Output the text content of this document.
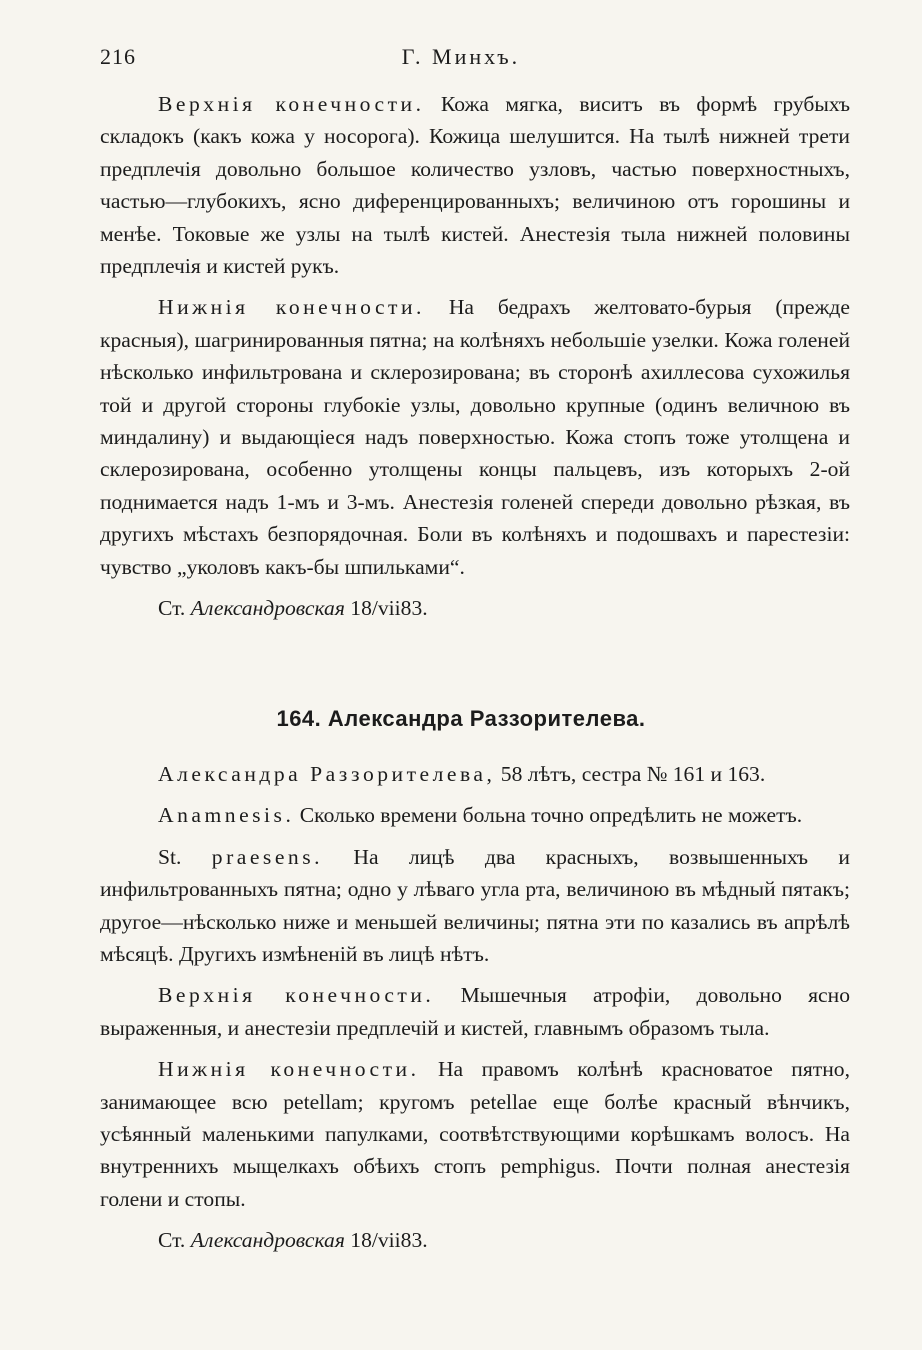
216	Г. Минхъ.

Верхнія конечности. Кожа мягка, виситъ въ формѣ грубыхъ складокъ (какъ кожа у носорога). Кожица шелушится. На тылѣ нижней трети предплечія довольно большое количество узловъ, частью поверхностныхъ, частью—глубокихъ, ясно диференцированныхъ; величиною отъ горошины и менѣе. Токовые же узлы на тылѣ кистей. Анестезія тыла нижней половины предплечія и кистей рукъ.

Нижнія конечности. На бедрахъ желтовато-бурыя (прежде красныя), шагринированныя пятна; на колѣняхъ небольшіе узелки. Кожа голеней нѣсколько инфильтрована и склерозирована; въ сторонѣ ахиллесова сухожилья той и другой стороны глубокіе узлы, довольно крупные (одинъ величною въ миндалину) и выдающіеся надъ поверхностью. Кожа стопъ тоже утолщена и склерозирована, особенно утолщены концы пальцевъ, изъ которыхъ 2-ой поднимается надъ 1-мъ и 3-мъ. Анестезія голеней спереди довольно рѣзкая, въ другихъ мѣстахъ безпорядочная. Боли въ колѣняхъ и подошвахъ и парестезіи: чувство „уколовъ какъ-бы шпильками“.

Ст. Александровская 18/vii83.

164. Александра Раззорителева.

Александра Раззорителева, 58 лѣтъ, сестра № 161 и 163.

Anamnesis. Сколько времени больна точно опредѣлить не можетъ.

St. praesens. На лицѣ два красныхъ, возвышенныхъ и инфильтрованныхъ пятна; одно у лѣваго угла рта, величиною въ мѣдный пятакъ; другое—нѣсколько ниже и меньшей величины; пятна эти по казались въ апрѣлѣ мѣсяцѣ. Другихъ измѣненій въ лицѣ нѣтъ.

Верхнія конечности. Мышечныя атрофіи, довольно ясно выраженныя, и анестезіи предплечій и кистей, главнымъ образомъ тыла.

Нижнія конечности. На правомъ колѣнѣ красноватое пятно, занимающее всю petellam; кругомъ petellae еще болѣе красный вѣнчикъ, усѣянный маленькими папулками, соотвѣтствующими корѣшкамъ волосъ. На внутреннихъ мыщелкахъ обѣихъ стопъ pemphigus. Почти полная анестезія голени и стопы.

Ст. Александровская 18/vii83.
